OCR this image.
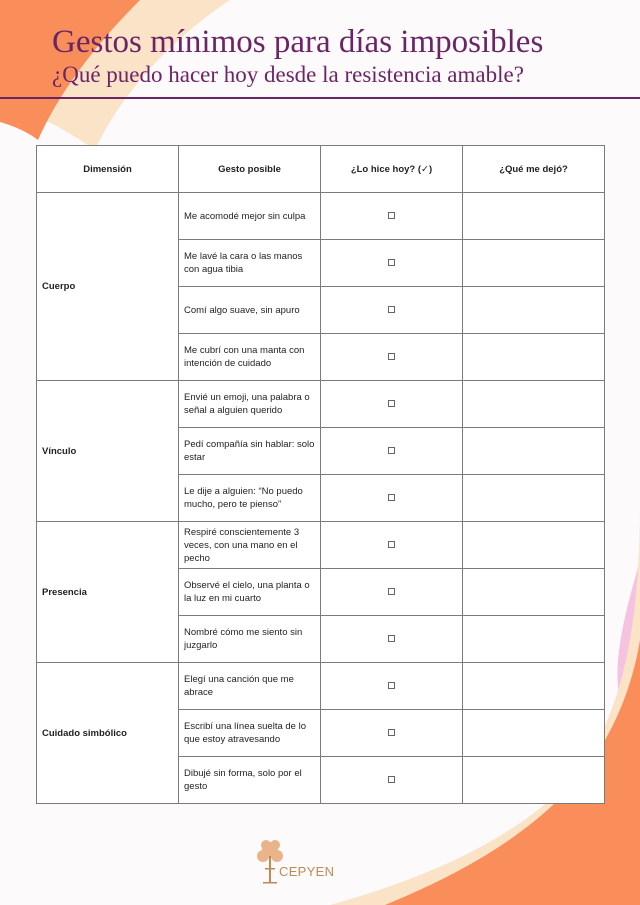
Gestos mínimos para días imposibles
¿Qué puedo hacer hoy desde la resistencia amable?
Dimensión	Gesto posible	¿Lo hice hoy? (✓)	¿Qué me dejó?
Cuerpo	Me acomodé mejor sin culpa		
	Me lavé la cara o las manos con agua tibia		
	Comí algo suave, sin apuro		
	Me cubrí con una manta con intención de cuidado		
Vínculo	Envié un emoji, una palabra o señal a alguien querido		
	Pedí compañía sin hablar: solo estar		
	Le dije a alguien: “No puedo mucho, pero te pienso”		
Presencia	Respiré conscientemente 3 veces, con una mano en el pecho		
	Observé el cielo, una planta o la luz en mi cuarto		
	Nombré cómo me siento sin juzgarlo		
Cuidado simbólico	Elegí una canción que me abrace		
	Escribí una línea suelta de lo que estoy atravesando		
	Dibujé sin forma, solo por el gesto		
CEPYEN
